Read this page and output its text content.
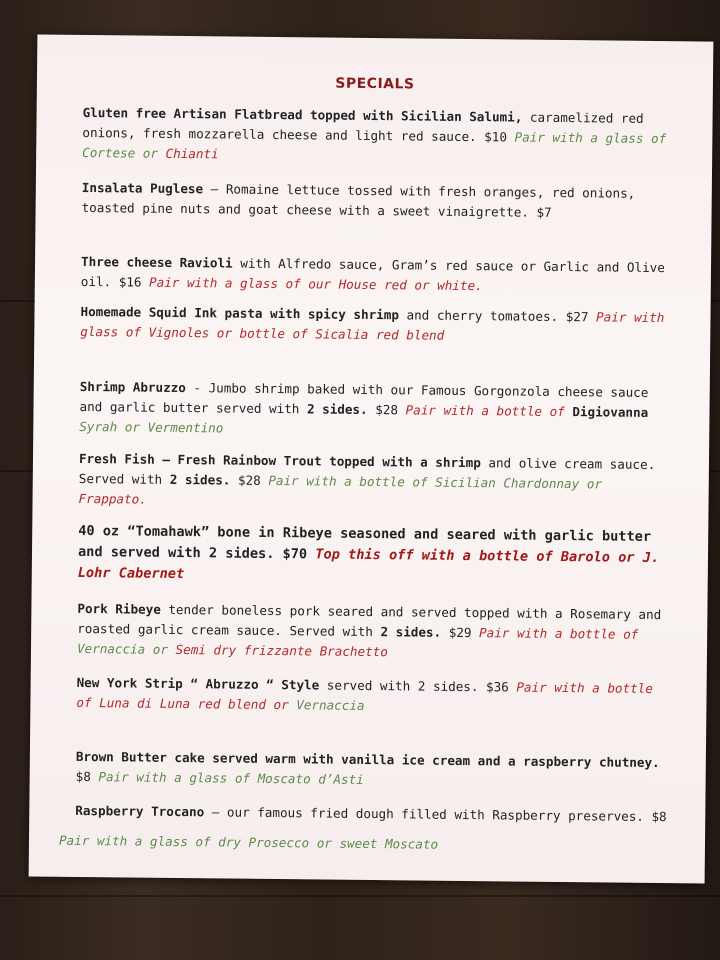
SPECIALS
Gluten free Artisan Flatbread topped with Sicilian Salumi, caramelized red onions, fresh mozzarella cheese and light red sauce. $10 Pair with a glass of Cortese or Chianti
Insalata Puglese – Romaine lettuce tossed with fresh oranges, red onions, toasted pine nuts and goat cheese with a sweet vinaigrette. $7
Three cheese Ravioli with Alfredo sauce, Gram’s red sauce or Garlic and Olive oil. $16 Pair with a glass of our House red or white.
Homemade Squid Ink pasta with spicy shrimp and cherry tomatoes. $27 Pair with glass of Vignoles or bottle of Sicalia red blend
Shrimp Abruzzo - Jumbo shrimp baked with our Famous Gorgonzola cheese sauce and garlic butter served with 2 sides. $28 Pair with a bottle of Digiovanna Syrah or Vermentino
Fresh Fish – Fresh Rainbow Trout topped with a shrimp and olive cream sauce. Served with 2 sides. $28 Pair with a bottle of Sicilian Chardonnay or Frappato.
40 oz “Tomahawk” bone in Ribeye seasoned and seared with garlic butter and served with 2 sides. $70 Top this off with a bottle of Barolo or J. Lohr Cabernet
Pork Ribeye tender boneless pork seared and served topped with a Rosemary and roasted garlic cream sauce. Served with 2 sides. $29 Pair with a bottle of Vernaccia or Semi dry frizzante Brachetto
New York Strip “ Abruzzo “ Style served with 2 sides. $36 Pair with a bottle of Luna di Luna red blend or Vernaccia
Brown Butter cake served warm with vanilla ice cream and a raspberry chutney. $8 Pair with a glass of Moscato d’Asti
Raspberry Trocano – our famous fried dough filled with Raspberry preserves. $8
Pair with a glass of dry Prosecco or sweet Moscato
